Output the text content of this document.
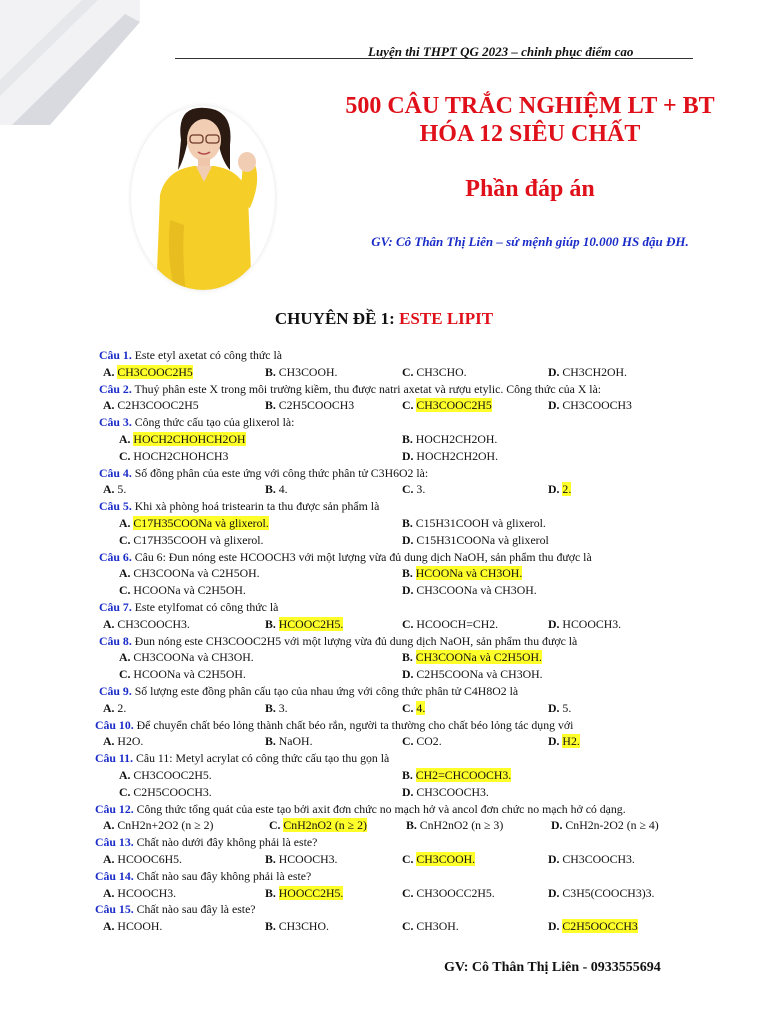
Luyện thi THPT QG 2023 – chinh phục điểm cao
500 CÂU TRẮC NGHIỆM LT + BT
HÓA 12 SIÊU CHẤT
Phần đáp án
GV: Cô Thân Thị Liên – sứ mệnh giúp 10.000 HS đậu ĐH.
CHUYÊN ĐỀ 1: ESTE LIPIT
Câu 1. Este etyl axetat có công thức là
A. CH3COOC2H5	B. CH3COOH.	C. CH3CHO.	D. CH3CH2OH.
Câu 2. Thuỷ phân este X trong môi trường kiềm, thu được natri axetat và rượu etylic. Công thức của X là:
A. C2H3COOC2H5	B. C2H5COOCH3	C. CH3COOC2H5	D. CH3COOCH3
Câu 3. Công thức cấu tạo của glixerol là:
A. HOCH2CHOHCH2OH	B. HOCH2CH2OH.
C. HOCH2CHOHCH3	D. HOCH2CH2OH.
Câu 4. Số đồng phân của este ứng với công thức phân tử C3H6O2 là:
A. 5.	B. 4.	C. 3.	D. 2.
Câu 5. Khi xà phòng hoá tristearin ta thu được sản phẩm là
A. C17H35COONa và glixerol.	B. C15H31COOH và glixerol.
C. C17H35COOH và glixerol.	D. C15H31COONa và glixerol
Câu 6. Câu 6: Đun nóng este HCOOCH3 với một lượng vừa đủ dung dịch NaOH, sản phẩm thu được là
A. CH3COONa và C2H5OH.	B. HCOONa và CH3OH.
C. HCOONa và C2H5OH.	D. CH3COONa và CH3OH.
Câu 7. Este etylfomat có công thức là
A. CH3COOCH3.	B. HCOOC2H5.	C. HCOOCH=CH2.	D. HCOOCH3.
Câu 8. Đun nóng este CH3COOC2H5 với một lượng vừa đủ dung dịch NaOH, sản phẩm thu được là
A. CH3COONa và CH3OH.	B. CH3COONa và C2H5OH.
C. HCOONa và C2H5OH.	D. C2H5COONa và CH3OH.
Câu 9. Số lượng este đồng phân cấu tạo của nhau ứng với công thức phân tử C4H8O2 là
A. 2.	B. 3.	C. 4.	D. 5.
Câu 10. Để chuyển chất béo lỏng thành chất béo rắn, người ta thường cho chất béo lỏng tác dụng với
A. H2O.	B. NaOH.	C. CO2.	D. H2.
Câu 11. Câu 11: Metyl acrylat có công thức cấu tạo thu gọn là
A. CH3COOC2H5.	B. CH2=CHCOOCH3.
C. C2H5COOCH3.	D. CH3COOCH3.
Câu 12. Công thức tổng quát của este tạo bởi axit đơn chức no mạch hở và ancol đơn chức no mạch hở có dạng.
A. CnH2n+2O2 (n ≥ 2)	C. CnH2nO2 (n ≥ 2)	B. CnH2nO2 (n ≥ 3)	D. CnH2n-2O2 (n ≥ 4)
Câu 13. Chất nào dưới đây không phải là este?
A. HCOOC6H5.	B. HCOOCH3.	C. CH3COOH.	D. CH3COOCH3.
Câu 14. Chất nào sau đây không phải là este?
A. HCOOCH3.	B. HOOCC2H5.	C. CH3OOCC2H5.	D. C3H5(COOCH3)3.
Câu 15. Chất nào sau đây là este?
A. HCOOH.	B. CH3CHO.	C. CH3OH.	D. C2H5OOCCH3
GV: Cô Thân Thị Liên - 0933555694
